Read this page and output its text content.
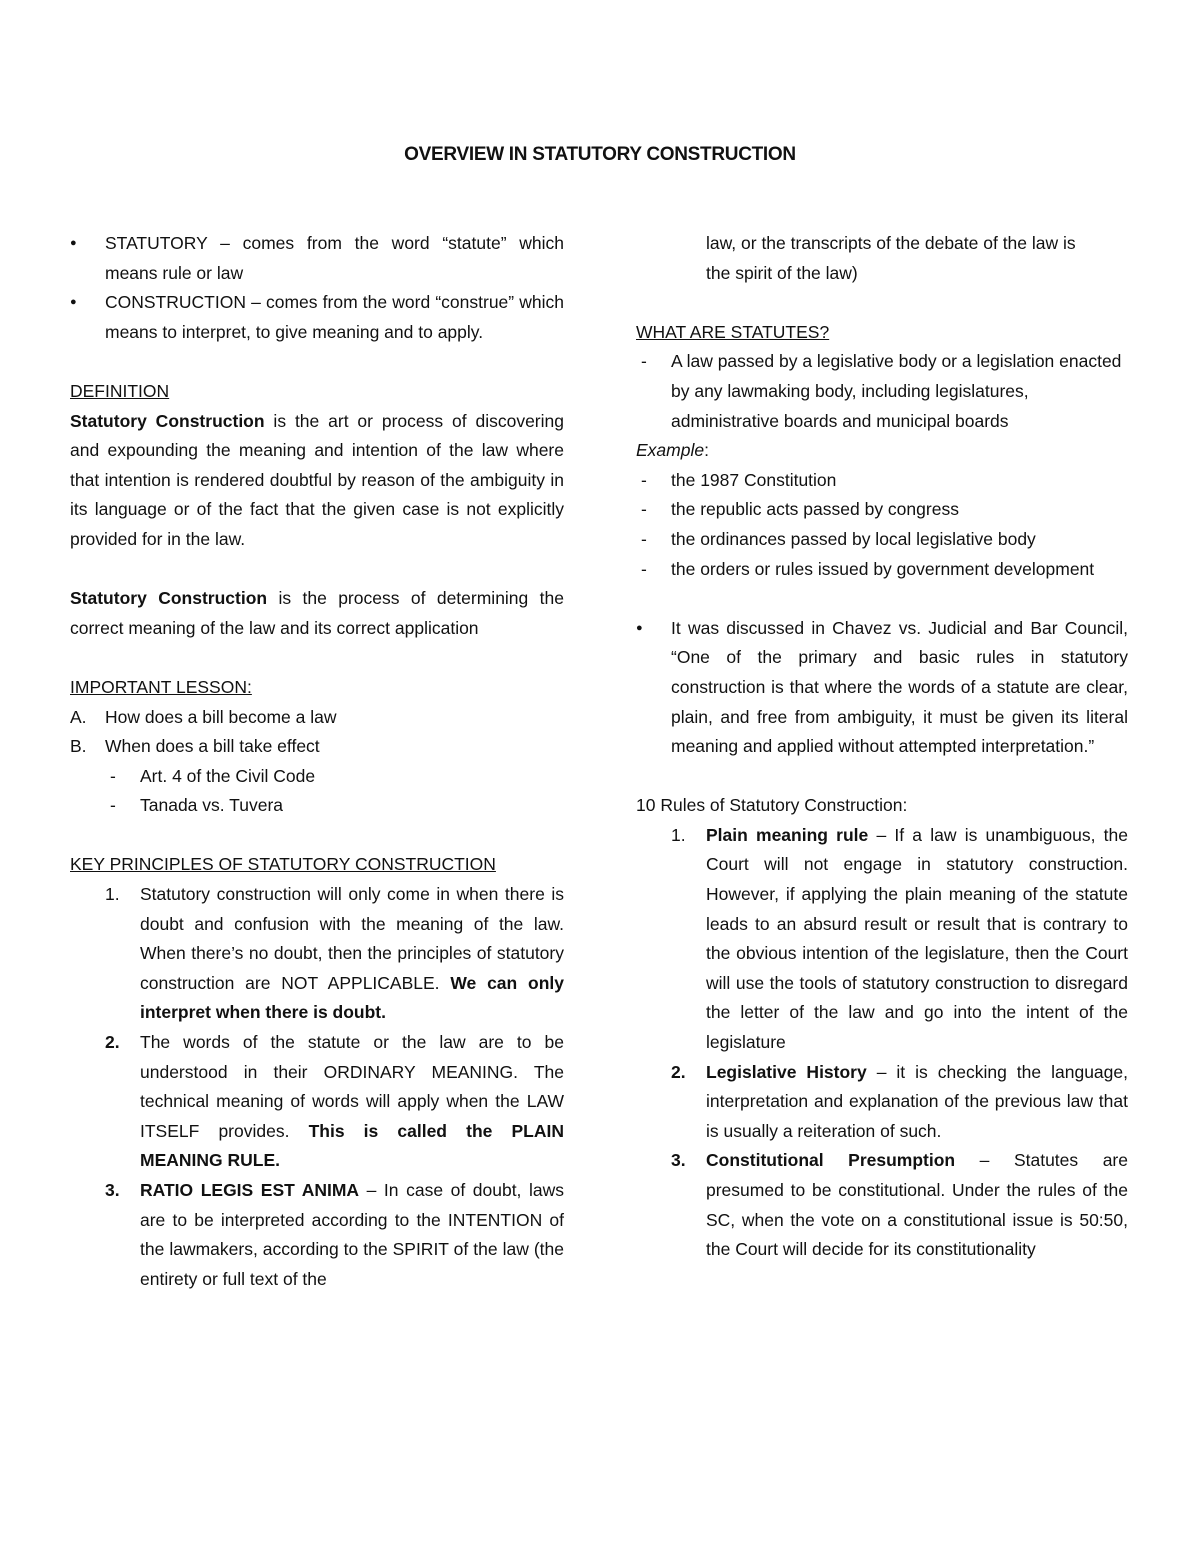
OVERVIEW IN STATUTORY CONSTRUCTION
● STATUTORY – comes from the word “statute” which means rule or law
● CONSTRUCTION – comes from the word “construe” which means to interpret, to give meaning and to apply.
DEFINITION
Statutory Construction is the art or process of discovering and expounding the meaning and intention of the law where that intention is rendered doubtful by reason of the ambiguity in its language or of the fact that the given case is not explicitly provided for in the law.
Statutory Construction is the process of determining the correct meaning of the law and its correct application
IMPORTANT LESSON:
A. How does a bill become a law
B. When does a bill take effect
- Art. 4 of the Civil Code
- Tanada vs. Tuvera
KEY PRINCIPLES OF STATUTORY CONSTRUCTION
1. Statutory construction will only come in when there is doubt and confusion with the meaning of the law. When there’s no doubt, then the principles of statutory construction are NOT APPLICABLE. We can only interpret when there is doubt.
2. The words of the statute or the law are to be understood in their ORDINARY MEANING. The technical meaning of words will apply when the LAW ITSELF provides. This is called the PLAIN MEANING RULE.
3. RATIO LEGIS EST ANIMA – In case of doubt, laws are to be interpreted according to the INTENTION of the lawmakers, according to the SPIRIT of the law (the entirety or full text of the
law, or the transcripts of the debate of the law is
the spirit of the law)
WHAT ARE STATUTES?
- A law passed by a legislative body or a legislation enacted by any lawmaking body, including legislatures, administrative boards and municipal boards
Example:
- the 1987 Constitution
- the republic acts passed by congress
- the ordinances passed by local legislative body
- the orders or rules issued by government development
● It was discussed in Chavez vs. Judicial and Bar Council, “One of the primary and basic rules in statutory construction is that where the words of a statute are clear, plain, and free from ambiguity, it must be given its literal meaning and applied without attempted interpretation.”
10 Rules of Statutory Construction:
1. Plain meaning rule – If a law is unambiguous, the Court will not engage in statutory construction. However, if applying the plain meaning of the statute leads to an absurd result or result that is contrary to the obvious intention of the legislature, then the Court will use the tools of statutory construction to disregard the letter of the law and go into the intent of the legislature
2. Legislative History – it is checking the language, interpretation and explanation of the previous law that is usually a reiteration of such.
3. Constitutional Presumption – Statutes are presumed to be constitutional. Under the rules of the SC, when the vote on a constitutional issue is 50:50, the Court will decide for its constitutionality
